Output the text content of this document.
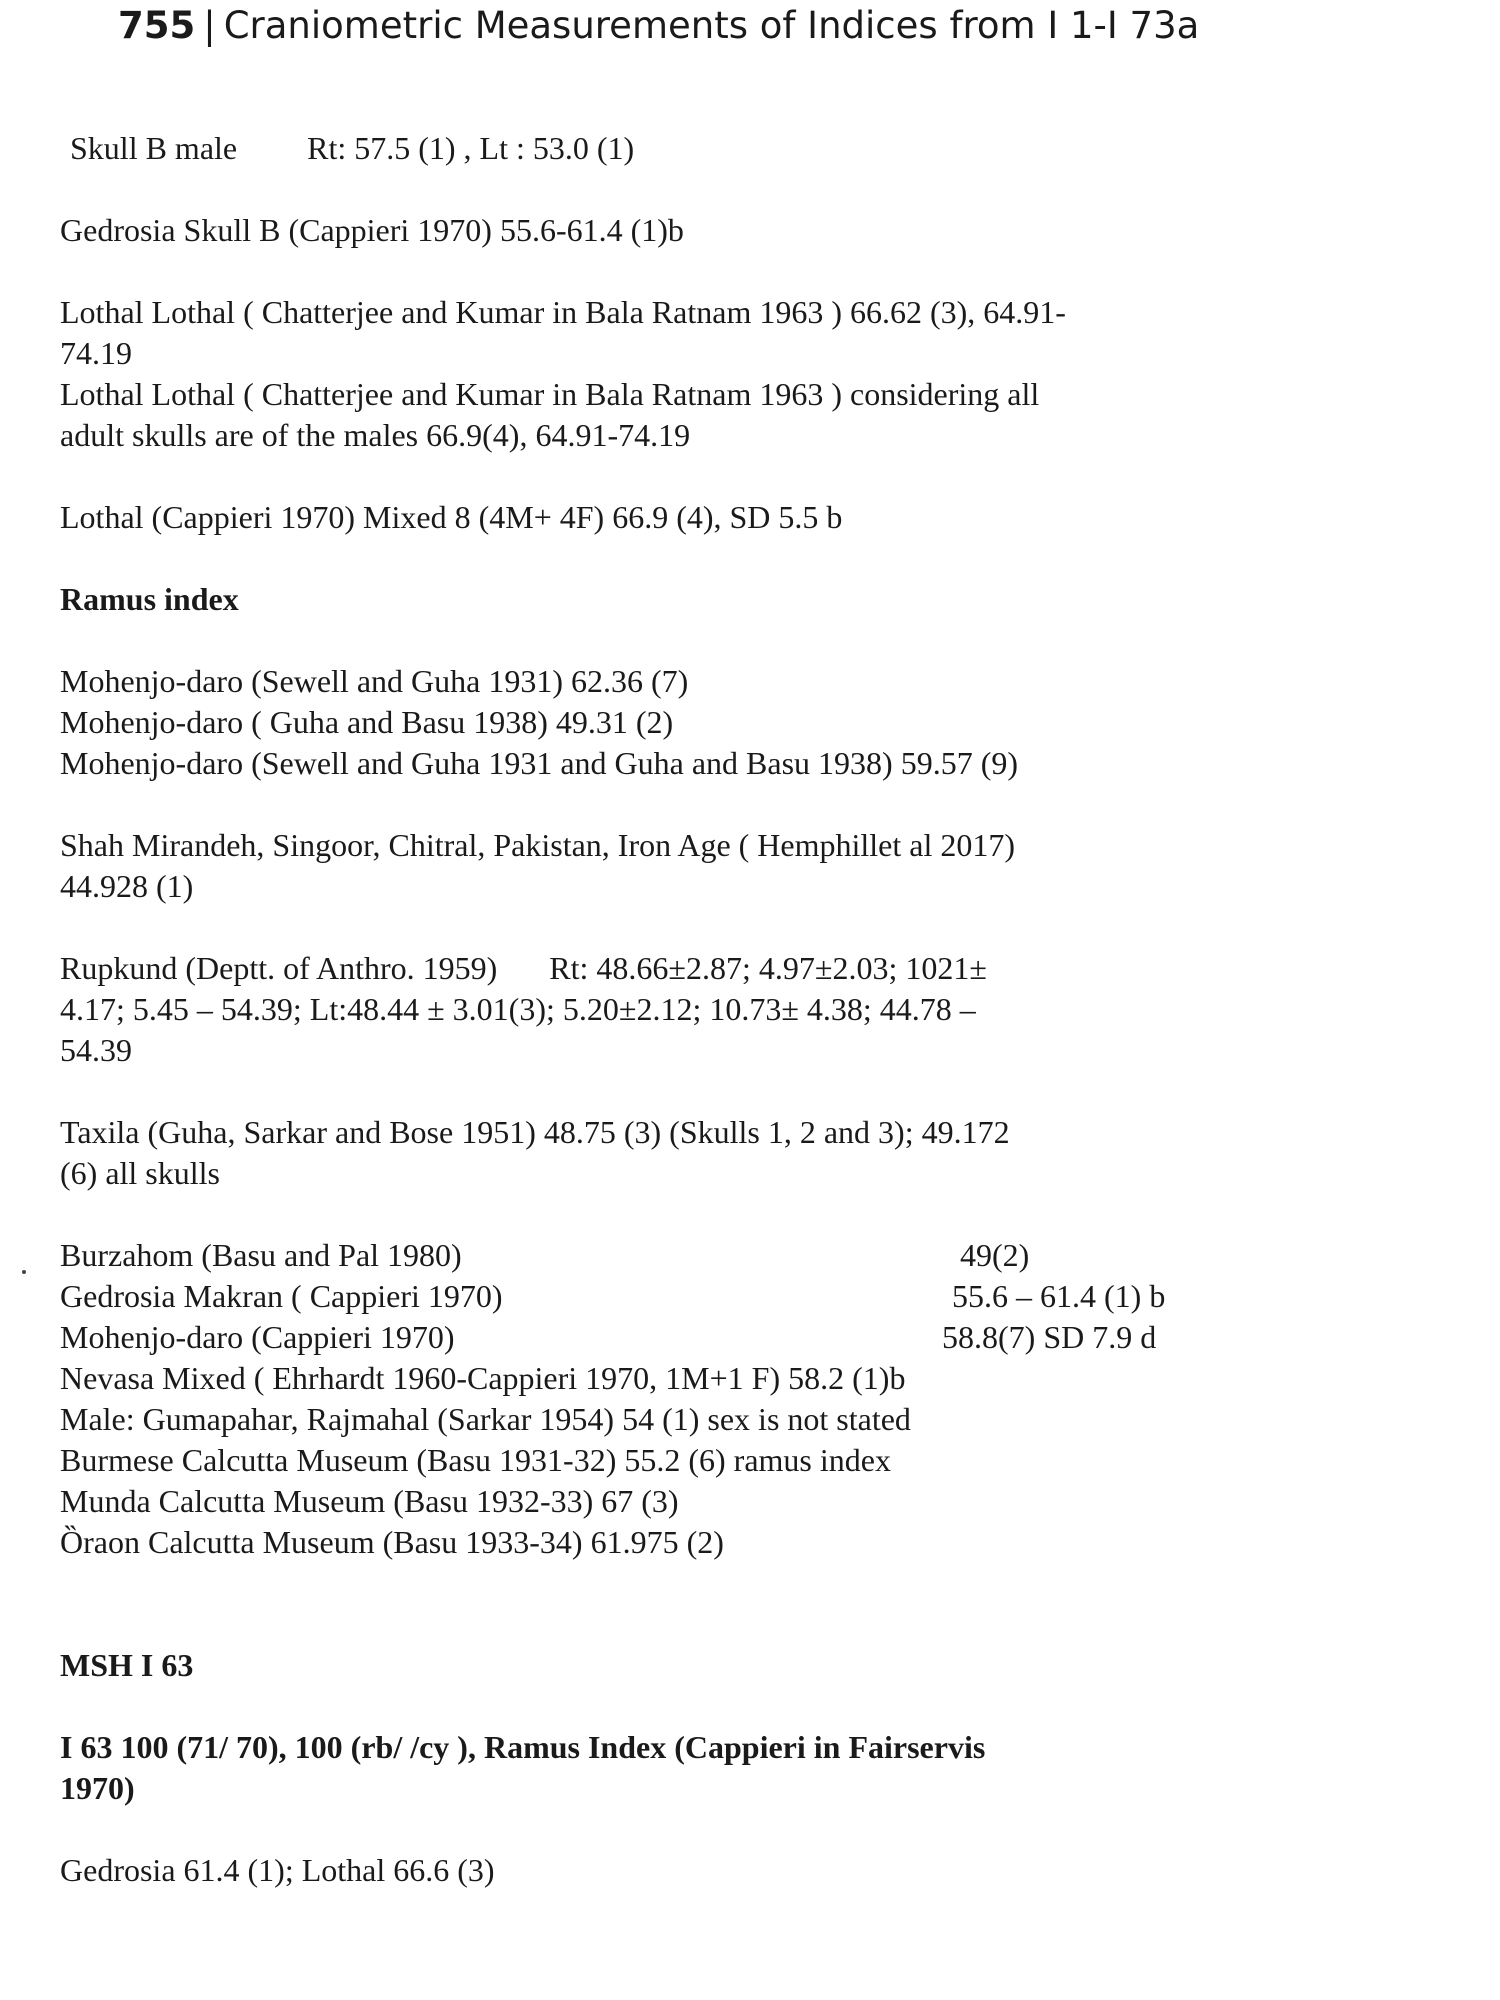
755 | Craniometric Measurements of Indices from I 1-I 73a
Skull B male Rt: 57.5 (1) , Lt : 53.0 (1)
Gedrosia Skull B (Cappieri 1970) 55.6-61.4 (1)b
Lothal Lothal ( Chatterjee and Kumar in Bala Ratnam 1963 ) 66.62 (3), 64.91-
74.19
Lothal Lothal ( Chatterjee and Kumar in Bala Ratnam 1963 ) considering all
adult skulls are of the males 66.9(4), 64.91-74.19
Lothal (Cappieri 1970) Mixed 8 (4M+ 4F) 66.9 (4), SD 5.5 b
Ramus index
Mohenjo-daro (Sewell and Guha 1931) 62.36 (7)
Mohenjo-daro ( Guha and Basu 1938) 49.31 (2)
Mohenjo-daro (Sewell and Guha 1931 and Guha and Basu 1938) 59.57 (9)
Shah Mirandeh, Singoor, Chitral, Pakistan, Iron Age ( Hemphillet al 2017)
44.928 (1)
Rupkund (Deptt. of Anthro. 1959) Rt: 48.66±2.87; 4.97±2.03; 1021±
4.17; 5.45 – 54.39; Lt:48.44 ± 3.01(3); 5.20±2.12; 10.73± 4.38; 44.78 –
54.39
Taxila (Guha, Sarkar and Bose 1951) 48.75 (3) (Skulls 1, 2 and 3); 49.172
(6) all skulls
Burzahom (Basu and Pal 1980)	49(2)
Gedrosia Makran ( Cappieri 1970)	55.6 – 61.4 (1) b
Mohenjo-daro (Cappieri 1970)	58.8(7) SD 7.9 d
Nevasa Mixed ( Ehrhardt 1960-Cappieri 1970, 1M+1 F) 58.2 (1)b
Male: Gumapahar, Rajmahal (Sarkar 1954) 54 (1) sex is not stated
Burmese Calcutta Museum (Basu 1931-32) 55.2 (6) ramus index
Munda Calcutta Museum (Basu 1932-33) 67 (3)
Ȍraon Calcutta Museum (Basu 1933-34) 61.975 (2)
MSH I 63
I 63 100 (71/ 70), 100 (rb/ /cy ), Ramus Index (Cappieri in Fairservis
1970)
Gedrosia 61.4 (1); Lothal 66.6 (3)
